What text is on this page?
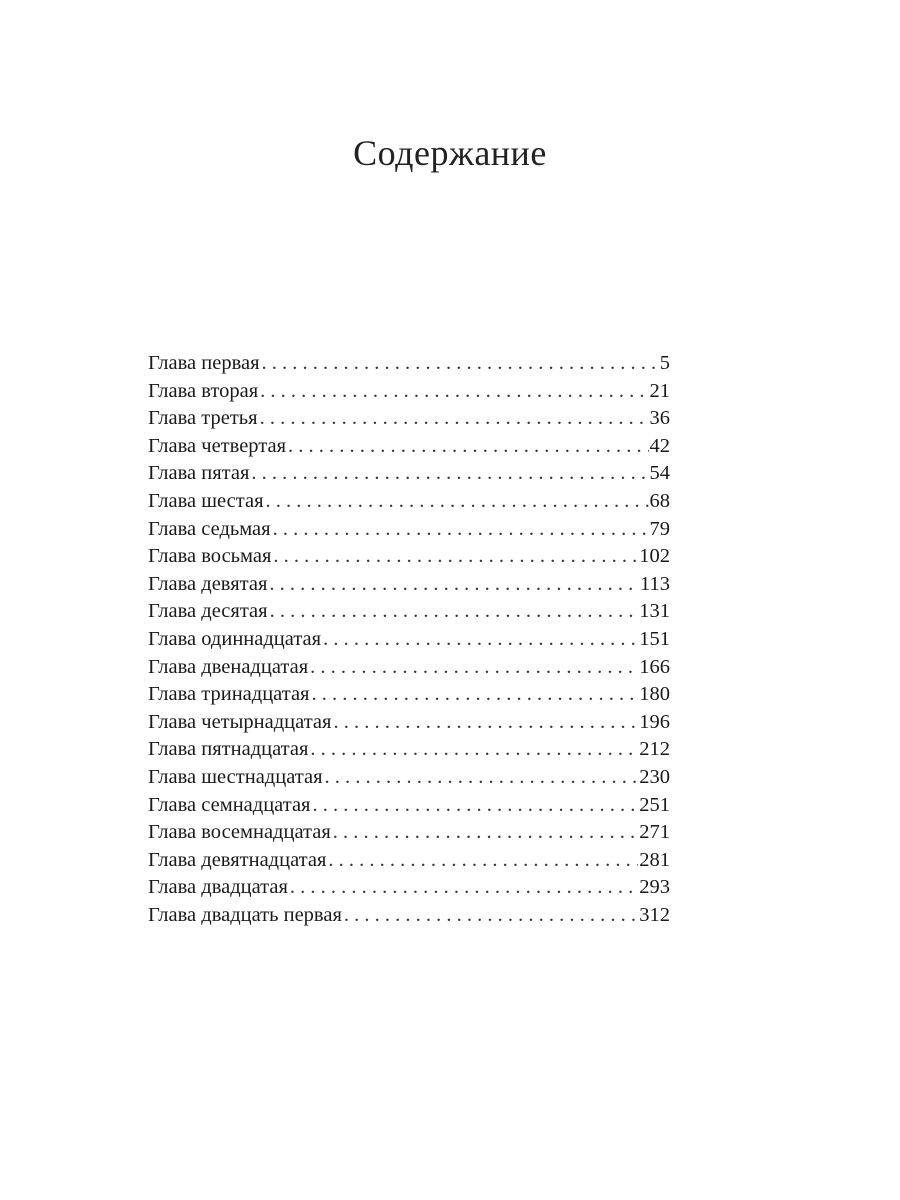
Содержание
Глава первая . . .	5
Глава вторая . . .	21
Глава третья . . .	36
Глава четвертая . . .	42
Глава пятая . . .	54
Глава шестая . . .	68
Глава седьмая . . .	79
Глава восьмая . . .	102
Глава девятая . . .	113
Глава десятая . . .	131
Глава одиннадцатая . . .	151
Глава двенадцатая . . .	166
Глава тринадцатая . . .	180
Глава четырнадцатая . . .	196
Глава пятнадцатая . . .	212
Глава шестнадцатая . . .	230
Глава семнадцатая . . .	251
Глава восемнадцатая . . .	271
Глава девятнадцатая . . .	281
Глава двадцатая . . .	293
Глава двадцать первая . . .	312
